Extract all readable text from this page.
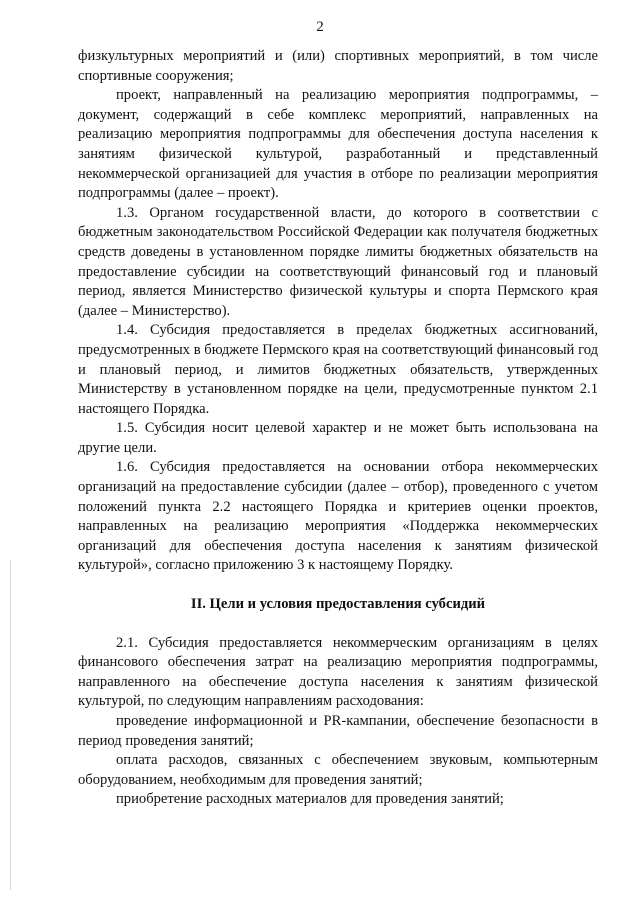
2

физкультурных мероприятий и (или) спортивных мероприятий, в том числе спортивные сооружения;

проект, направленный на реализацию мероприятия подпрограммы, – документ, содержащий в себе комплекс мероприятий, направленных на реализацию мероприятия подпрограммы для обеспечения доступа населения к занятиям физической культурой, разработанный и представленный некоммерческой организацией для участия в отборе по реализации мероприятия подпрограммы (далее – проект).

1.3. Органом государственной власти, до которого в соответствии с бюджетным законодательством Российской Федерации как получателя бюджетных средств доведены в установленном порядке лимиты бюджетных обязательств на предоставление субсидии на соответствующий финансовый год и плановый период, является Министерство физической культуры и спорта Пермского края (далее – Министерство).

1.4. Субсидия предоставляется в пределах бюджетных ассигнований, предусмотренных в бюджете Пермского края на соответствующий финансовый год и плановый период, и лимитов бюджетных обязательств, утвержденных Министерству в установленном порядке на цели, предусмотренные пунктом 2.1 настоящего Порядка.

1.5. Субсидия носит целевой характер и не может быть использована на другие цели.

1.6. Субсидия предоставляется на основании отбора некоммерческих организаций на предоставление субсидии (далее – отбор), проведенного с учетом положений пункта 2.2 настоящего Порядка и критериев оценки проектов, направленных на реализацию мероприятия «Поддержка некоммерческих организаций для обеспечения доступа населения к занятиям физической культурой», согласно приложению 3 к настоящему Порядку.

II. Цели и условия предоставления субсидий

2.1. Субсидия предоставляется некоммерческим организациям в целях финансового обеспечения затрат на реализацию мероприятия подпрограммы, направленного на обеспечение доступа населения к занятиям физической культурой, по следующим направлениям расходования:

проведение информационной и PR-кампании, обеспечение безопасности в период проведения занятий;

оплата расходов, связанных с обеспечением звуковым, компьютерным оборудованием, необходимым для проведения занятий;

приобретение расходных материалов для проведения занятий;
